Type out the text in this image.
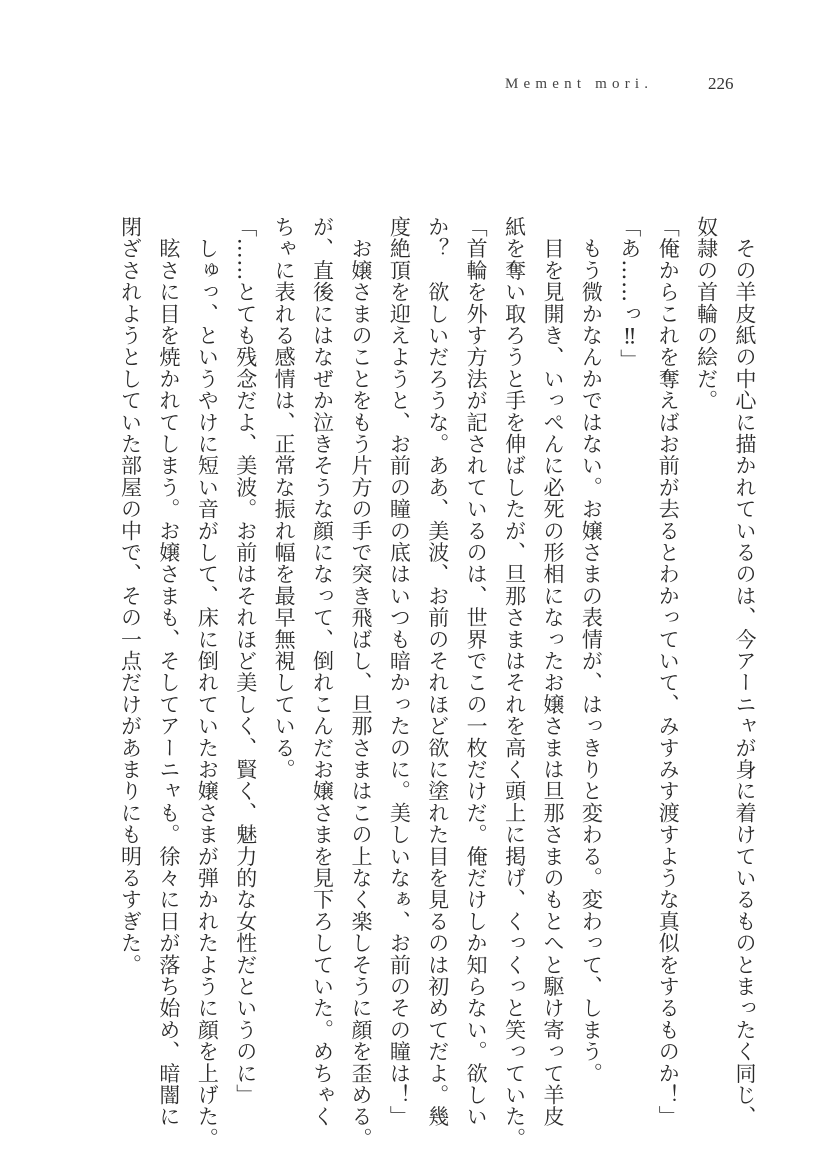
Mement mori.	226
　その羊皮紙の中心に描かれているのは、今アーニャが身に着けているものとまったく同じ、
奴隷の首輪の絵だ。
「俺からこれを奪えばお前が去るとわかっていて、みすみす渡すような真似をするものか！」
「あ……っ‼」
　もう微かなんかではない。お嬢さまの表情が、はっきりと変わる。変わって、しまう。
　目を見開き、いっぺんに必死の形相になったお嬢さまは旦那さまのもとへと駆け寄って羊皮
紙を奪い取ろうと手を伸ばしたが、旦那さまはそれを高く頭上に掲げ、くっくっと笑っていた。
「首輪を外す方法が記されているのは、世界でこの一枚だけだ。俺だけしか知らない。欲しい
か？　欲しいだろうな。ああ、美波、お前のそれほど欲に塗れた目を見るのは初めてだよ。幾
度絶頂を迎えようと、お前の瞳の底はいつも暗かったのに。美しいなぁ、お前のその瞳は！」
　お嬢さまのことをもう片方の手で突き飛ばし、旦那さまはこの上なく楽しそうに顔を歪める。
が、直後にはなぜか泣きそうな顔になって、倒れこんだお嬢さまを見下ろしていた。めちゃく
ちゃに表れる感情は、正常な振れ幅を最早無視している。
「……とても残念だよ、美波。お前はそれほど美しく、賢く、魅力的な女性だというのに」
　しゅっ、というやけに短い音がして、床に倒れていたお嬢さまが弾かれたように顔を上げた。
　眩さに目を焼かれてしまう。お嬢さまも、そしてアーニャも。徐々に日が落ち始め、暗闇に
閉ざされようとしていた部屋の中で、その一点だけがあまりにも明るすぎた。
